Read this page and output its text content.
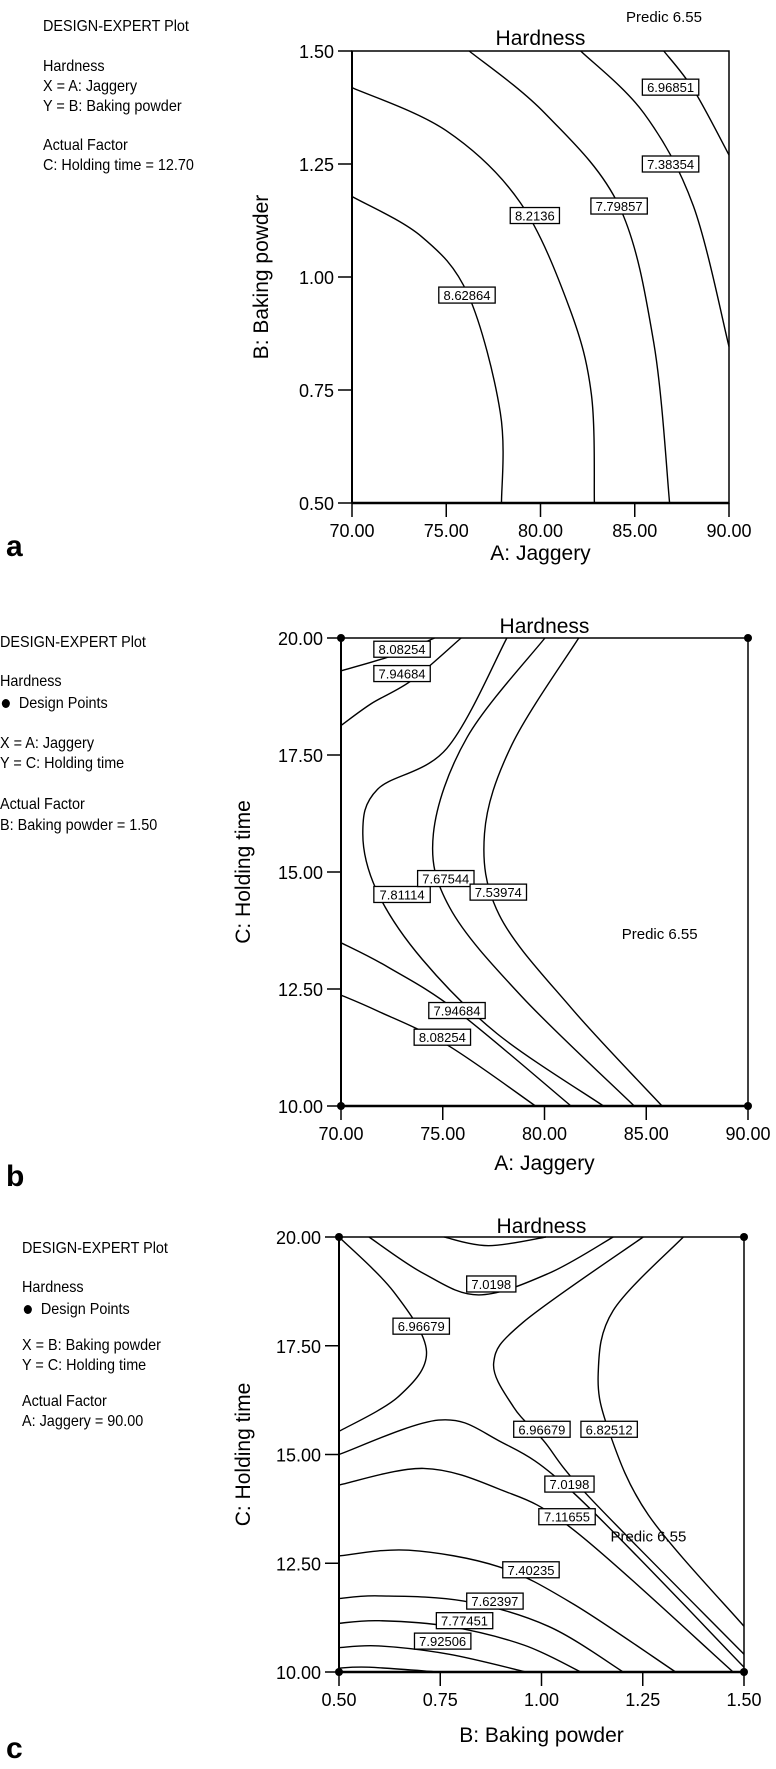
DESIGN-EXPERT Plot
Hardness
X = A: Jaggery
Y = B: Baking powder
Actual Factor
C: Holding time = 12.70
a
DESIGN-EXPERT Plot
Hardness
Design Points
X = A: Jaggery
Y = C: Holding time
Actual Factor
B: Baking powder = 1.50
b
DESIGN-EXPERT Plot
Hardness
Design Points
X = B: Baking powder
Y = C: Holding time
Actual Factor
A: Jaggery = 90.00
c
Hardness
70.00	75.00	80.00	85.00	90.00
0.50
0.75
1.00
1.25
1.50
A: Jaggery
B: Baking powder	8.62864
8.2136
7.79857
7.38354
6.96851
Predic 6.55
Hardness
70.00	75.00	80.00	85.00	90.00
10.00
12.50
15.00
17.50
20.00
A: Jaggery
C: Holding time
8.08254
7.94684
7.81114
7.67544
7.53974
7.94684
8.08254
Predic 6.55
Hardness
0.50	0.75	1.00	1.25	1.50
10.00
12.50
15.00
17.50
20.00
B: Baking powder
C: Holding time
7.0198
6.96679
6.96679 6.82512
7.0198
7.11655
7.40235
7.62397
7.77451
7.92506
Predic 6.55
